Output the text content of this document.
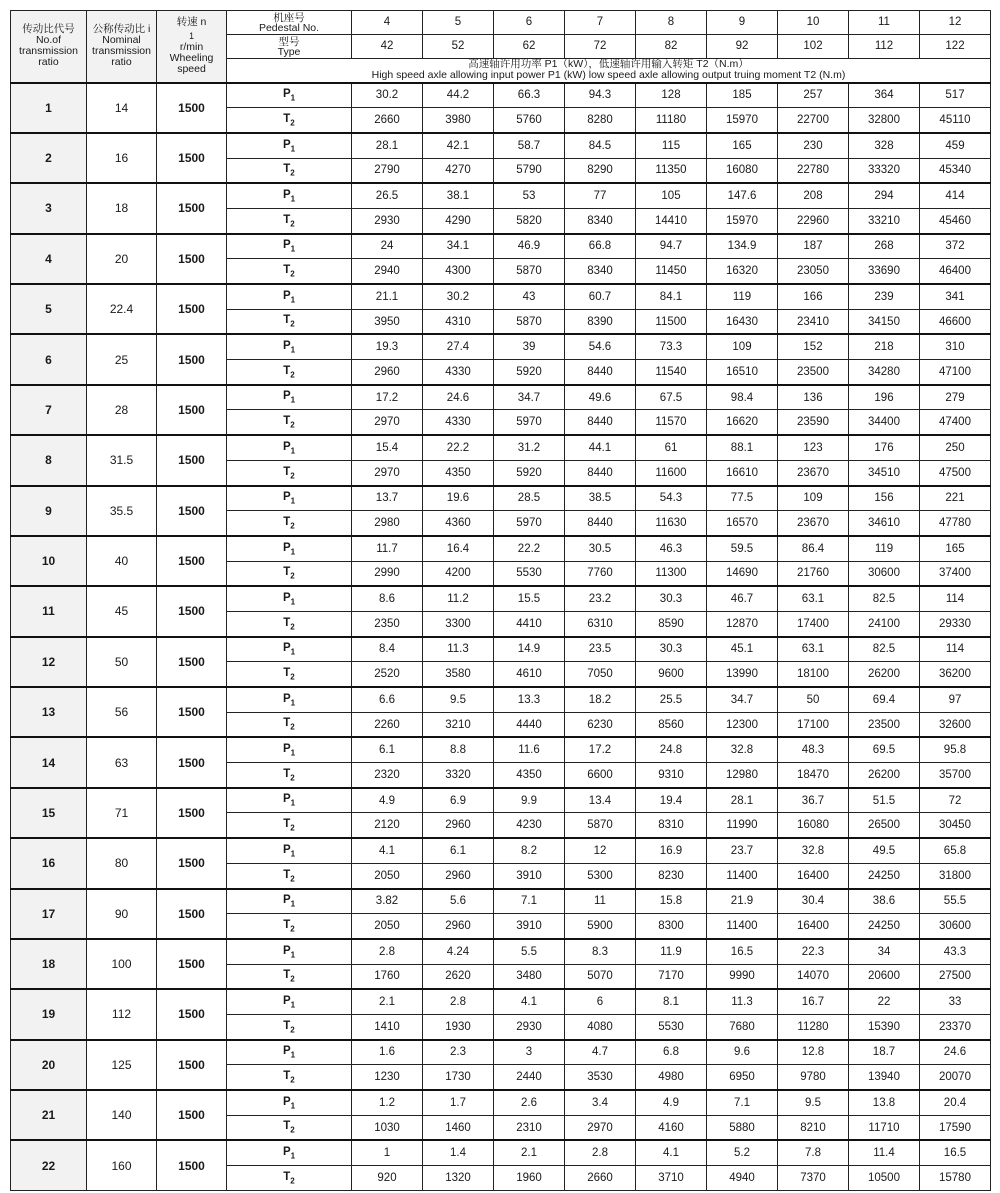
传动比代号
No.of
transmission
ratio	公称传动比 i
Nominal
transmission
ratio	转速 n
$_1$
r/min
Wheeling
speed	机座号
Pedestal No.	4	5	6	7	8	9	10	11	12

			型号
Type	42	52	62	72	82	92	102	112	122

			高速轴许用功率 P1（kW），低速轴许用输入转矩 T2（N.m）
High speed axle allowing input power P1 (kW) low speed axle allowing output truing moment T2 (N.m)									

1	14	1500	$P_1$	30.2	44.2	66.3	94.3	128	185	257	364	517
			$T_2$	2660	3980	5760	8280	11180	15970	22700	32800	45110
2	16	1500	$P_1$	28.1	42.1	58.7	84.5	115	165	230	328	459
			$T_2$	2790	4270	5790	8290	11350	16080	22780	33320	45340
3	18	1500	$P_1$	26.5	38.1	53	77	105	147.6	208	294	414
			$T_2$	2930	4290	5820	8340	14410	15970	22960	33210	45460
4	20	1500	$P_1$	24	34.1	46.9	66.8	94.7	134.9	187	268	372
			$T_2$	2940	4300	5870	8340	11450	16320	23050	33690	46400
5	22.4	1500	$P_1$	21.1	30.2	43	60.7	84.1	119	166	239	341
			$T_2$	3950	4310	5870	8390	11500	16430	23410	34150	46600
6	25	1500	$P_1$	19.3	27.4	39	54.6	73.3	109	152	218	310
			$T_2$	2960	4330	5920	8440	11540	16510	23500	34280	47100
7	28	1500	$P_1$	17.2	24.6	34.7	49.6	67.5	98.4	136	196	279
			$T_2$	2970	4330	5970	8440	11570	16620	23590	34400	47400
8	31.5	1500	$P_1$	15.4	22.2	31.2	44.1	61	88.1	123	176	250
			$T_2$	2970	4350	5920	8440	11600	16610	23670	34510	47500
9	35.5	1500	$P_1$	13.7	19.6	28.5	38.5	54.3	77.5	109	156	221
			$T_2$	2980	4360	5970	8440	11630	16570	23670	34610	47780
10	40	1500	$P_1$	11.7	16.4	22.2	30.5	46.3	59.5	86.4	119	165
			$T_2$	2990	4200	5530	7760	11300	14690	21760	30600	37400
11	45	1500	$P_1$	8.6	11.2	15.5	23.2	30.3	46.7	63.1	82.5	114
			$T_2$	2350	3300	4410	6310	8590	12870	17400	24100	29330
12	50	1500	$P_1$	8.4	11.3	14.9	23.5	30.3	45.1	63.1	82.5	114
			$T_2$	2520	3580	4610	7050	9600	13990	18100	26200	36200
13	56	1500	$P_1$	6.6	9.5	13.3	18.2	25.5	34.7	50	69.4	97
			$T_2$	2260	3210	4440	6230	8560	12300	17100	23500	32600
14	63	1500	$P_1$	6.1	8.8	11.6	17.2	24.8	32.8	48.3	69.5	95.8
			$T_2$	2320	3320	4350	6600	9310	12980	18470	26200	35700
15	71	1500	$P_1$	4.9	6.9	9.9	13.4	19.4	28.1	36.7	51.5	72
			$T_2$	2120	2960	4230	5870	8310	11990	16080	26500	30450
16	80	1500	$P_1$	4.1	6.1	8.2	12	16.9	23.7	32.8	49.5	65.8
			$T_2$	2050	2960	3910	5300	8230	11400	16400	24250	31800
17	90	1500	$P_1$	3.82	5.6	7.1	11	15.8	21.9	30.4	38.6	55.5
			$T_2$	2050	2960	3910	5900	8300	11400	16400	24250	30600
18	100	1500	$P_1$	2.8	4.24	5.5	8.3	11.9	16.5	22.3	34	43.3
			$T_2$	1760	2620	3480	5070	7170	9990	14070	20600	27500
19	112	1500	$P_1$	2.1	2.8	4.1	6	8.1	11.3	16.7	22	33
			$T_2$	1410	1930	2930	4080	5530	7680	11280	15390	23370
20	125	1500	$P_1$	1.6	2.3	3	4.7	6.8	9.6	12.8	18.7	24.6
			$T_2$	1230	1730	2440	3530	4980	6950	9780	13940	20070
21	140	1500	$P_1$	1.2	1.7	2.6	3.4	4.9	7.1	9.5	13.8	20.4
			$T_2$	1030	1460	2310	2970	4160	5880	8210	11710	17590
22	160	1500	$P_1$	1	1.4	2.1	2.8	4.1	5.2	7.8	11.4	16.5
			$T_2$	920	1320	1960	2660	3710	4940	7370	10500	15780
